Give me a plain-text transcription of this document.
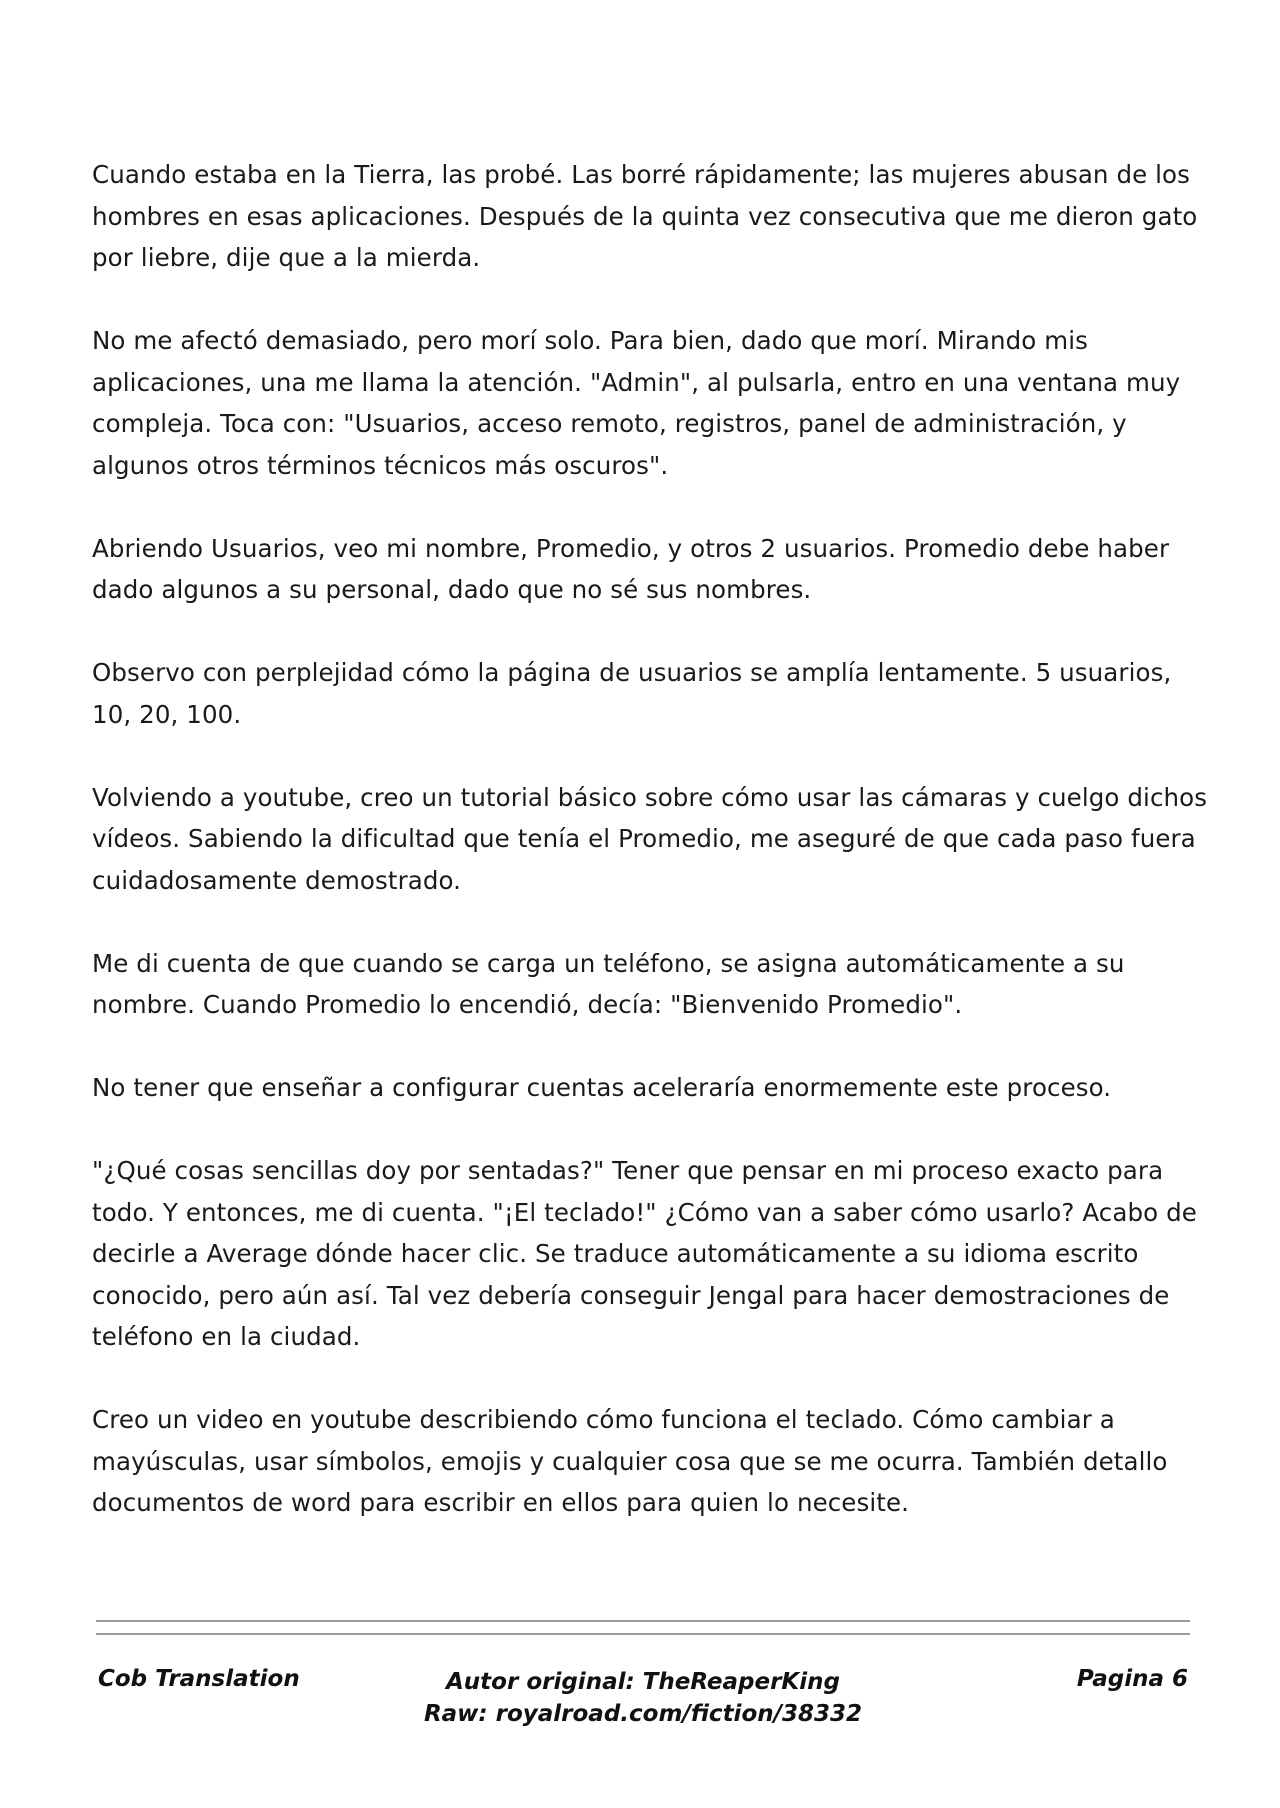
Cuando estaba en la Tierra, las probé. Las borré rápidamente; las mujeres abusan de los hombres en esas aplicaciones. Después de la quinta vez consecutiva que me dieron gato por liebre, dije que a la mierda.

No me afectó demasiado, pero morí solo. Para bien, dado que morí. Mirando mis aplicaciones, una me llama la atención. "Admin", al pulsarla, entro en una ventana muy compleja. Toca con: "Usuarios, acceso remoto, registros, panel de administración, y algunos otros términos técnicos más oscuros".

Abriendo Usuarios, veo mi nombre, Promedio, y otros 2 usuarios. Promedio debe haber dado algunos a su personal, dado que no sé sus nombres.

Observo con perplejidad cómo la página de usuarios se amplía lentamente. 5 usuarios, 10, 20, 100.

Volviendo a youtube, creo un tutorial básico sobre cómo usar las cámaras y cuelgo dichos vídeos. Sabiendo la dificultad que tenía el Promedio, me aseguré de que cada paso fuera cuidadosamente demostrado.

Me di cuenta de que cuando se carga un teléfono, se asigna automáticamente a su nombre. Cuando Promedio lo encendió, decía: "Bienvenido Promedio".

No tener que enseñar a configurar cuentas aceleraría enormemente este proceso.

"¿Qué cosas sencillas doy por sentadas?" Tener que pensar en mi proceso exacto para todo. Y entonces, me di cuenta. "¡El teclado!" ¿Cómo van a saber cómo usarlo? Acabo de decirle a Average dónde hacer clic. Se traduce automáticamente a su idioma escrito conocido, pero aún así. Tal vez debería conseguir Jengal para hacer demostraciones de teléfono en la ciudad.

Creo un video en youtube describiendo cómo funciona el teclado. Cómo cambiar a mayúsculas, usar símbolos, emojis y cualquier cosa que se me ocurra. También detallo documentos de word para escribir en ellos para quien lo necesite.

Cob Translation	Autor original: TheReaperKing
Raw: royalroad.com/fiction/38332
Pagina 6
